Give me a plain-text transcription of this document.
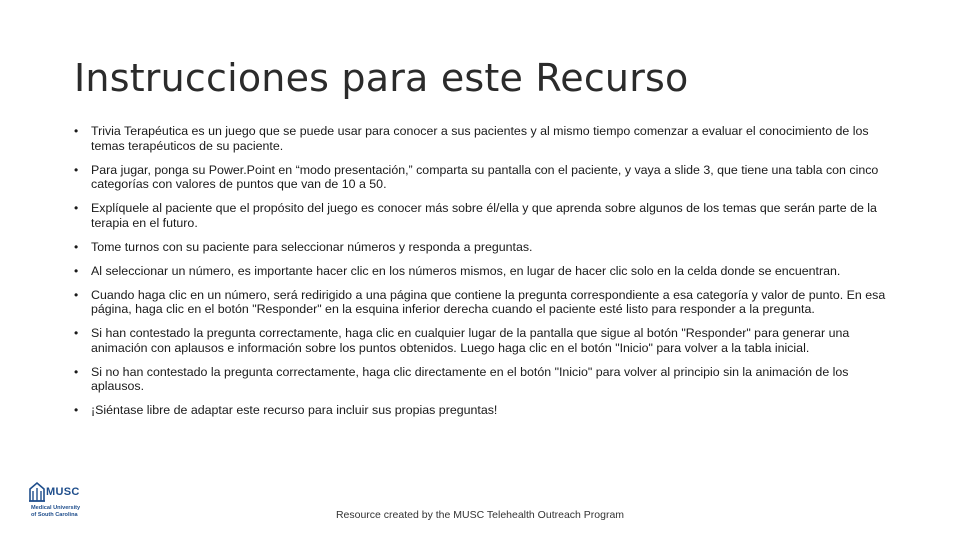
Instrucciones para este Recurso
• Trivia Terapéutica es un juego que se puede usar para conocer a sus pacientes y al mismo tiempo comenzar a evaluar el conocimiento de los temas terapéuticos de su paciente.
• Para jugar, ponga su Power.Point en “modo presentación,” comparta su pantalla con el paciente, y vaya a slide 3, que tiene una tabla con cinco categorías con valores de puntos que van de 10 a 50.
• Explíquele al paciente que el propósito del juego es conocer más sobre él/ella y que aprenda sobre algunos de los temas que serán parte de la terapia en el futuro.
• Tome turnos con su paciente para seleccionar números y responda a preguntas.
• Al seleccionar un número, es importante hacer clic en los números mismos, en lugar de hacer clic solo en la celda donde se encuentran.
• Cuando haga clic en un número, será redirigido a una página que contiene la pregunta correspondiente a esa categoría y valor de punto. En esa página, haga clic en el botón "Responder" en la esquina inferior derecha cuando el paciente esté listo para responder a la pregunta.
• Si han contestado la pregunta correctamente, haga clic en cualquier lugar de la pantalla que sigue al botón "Responder" para generar una animación con aplausos e información sobre los puntos obtenidos. Luego haga clic en el botón "Inicio" para volver a la tabla inicial.
• Si no han contestado la pregunta correctamente, haga clic directamente en el botón "Inicio" para volver al principio sin la animación de los aplausos.
• ¡Siéntase libre de adaptar este recurso para incluir sus propias preguntas!
MUSC
Medical University
of South Carolina	Resource created by the MUSC Telehealth Outreach Program
